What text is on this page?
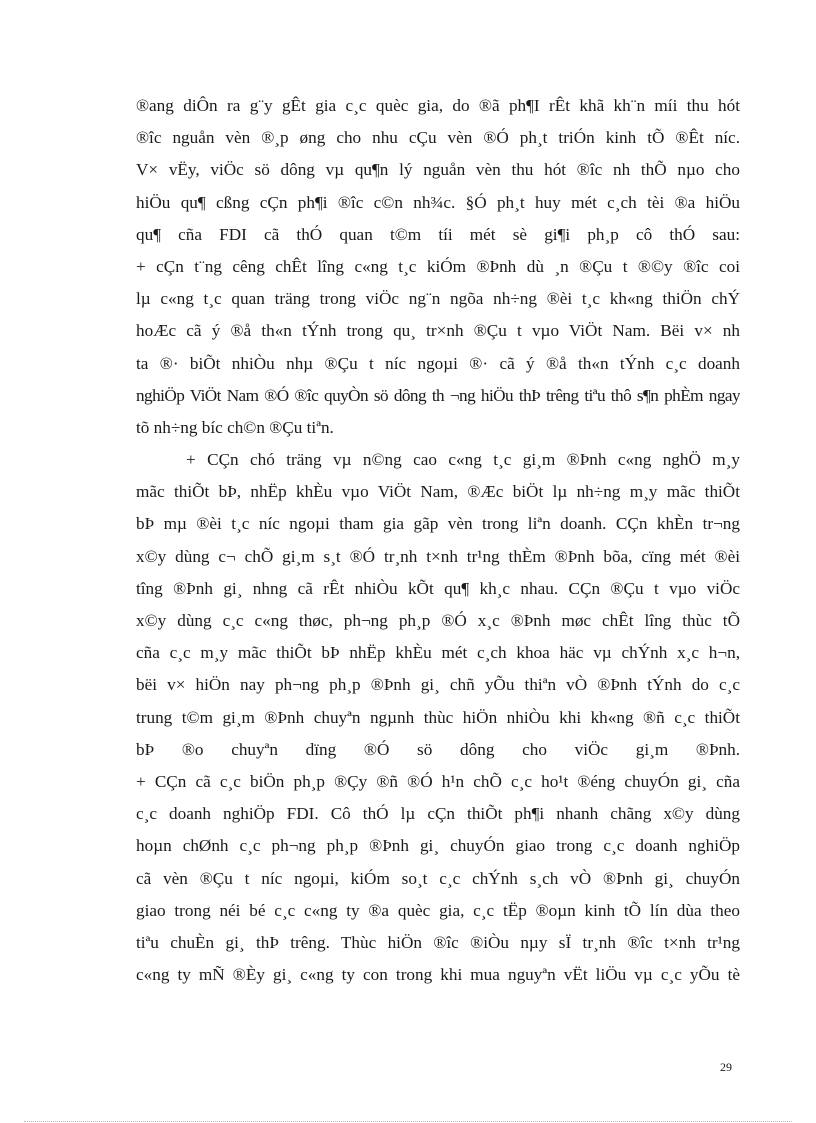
®ang diÔn ra g¨y gÊt gia c¸c quèc gia, do ®ã ph¶I rÊt khã kh¨n míi thu hót
®îc nguån vèn ®¸p øng cho nhu cÇu vèn ®Ó ph¸t triÓn kinh tÕ ®Êt níc.
V× vËy, viÖc sö dông vµ qu¶n lý nguån vèn thu hót ®îc nh thÕ nµo cho
hiÖu qu¶ cßng cÇn ph¶i ®îc c©n nh¾c. §Ó ph¸t huy mét c¸ch tèi ®a hiÖu
qu¶ cña FDI cã thÓ quan t©m tíi mét sè gi¶i ph¸p cô thÓ sau:
+ cÇn t¨ng cêng chÊt lîng c«ng t¸c kiÓm ®Þnh dù ¸n ®Çu t ®©y ®îc coi
lµ c«ng t¸c quan träng trong viÖc ng¨n ngõa nh÷ng ®èi t¸c kh«ng thiÖn chÝ
hoÆc cã ý ®å th«n tÝnh trong qu¸ tr×nh ®Çu t vµo ViÖt Nam. Bëi v× nh
ta ®· biÕt nhiÒu nhµ ®Çu t níc ngoµi ®· cã ý ®å th«n tÝnh c¸c doanh
nghiÖp ViÖt Nam ®Ó ®îc quyÒn sö dông th ¬ng hiÖu thÞ trêng tiªu thô s¶n phÈm ngay
tõ nh÷ng bíc ch©n ®Çu tiªn.
+ CÇn chó träng vµ n©ng cao c«ng t¸c gi¸m ®Þnh c«ng nghÖ m¸y
mãc thiÕt bÞ, nhËp khÈu vµo ViÖt Nam, ®Æc biÖt lµ nh÷ng m¸y mãc thiÕt
bÞ mµ ®èi t¸c níc ngoµi tham gia gãp vèn trong liªn doanh. CÇn khÈn tr¬ng
x©y dùng c¬ chÕ gi¸m s¸t ®Ó tr¸nh t×nh tr¹ng thÈm ®Þnh bõa, cïng mét ®èi
tîng ®Þnh gi¸ nhng cã rÊt nhiÒu kÕt qu¶ kh¸c nhau. CÇn ®Çu t vµo viÖc
x©y dùng c¸c c«ng thøc, ph¬ng ph¸p ®Ó x¸c ®Þnh møc chÊt lîng thùc tÕ
cña c¸c m¸y mãc thiÕt bÞ nhËp khÈu mét c¸ch khoa häc vµ chÝnh x¸c h¬n,
bëi v× hiÖn nay ph¬ng ph¸p ®Þnh gi¸ chñ yÕu thiªn vÒ ®Þnh tÝnh do c¸c
trung t©m gi¸m ®Þnh chuyªn ngµnh thùc hiÖn nhiÒu khi kh«ng ®ñ c¸c thiÕt
bÞ ®o chuyªn dïng ®Ó sö dông cho viÖc gi¸m ®Þnh.
+ CÇn cã c¸c biÖn ph¸p ®Çy ®ñ ®Ó h¹n chÕ c¸c ho¹t ®éng chuyÓn gi¸ cña
c¸c doanh nghiÖp FDI. Cô thÓ lµ cÇn thiÕt ph¶i nhanh chãng x©y dùng
hoµn chØnh c¸c ph¬ng ph¸p ®Þnh gi¸ chuyÓn giao trong c¸c doanh nghiÖp
cã vèn ®Çu t níc ngoµi, kiÓm so¸t c¸c chÝnh s¸ch vÒ ®Þnh gi¸ chuyÓn
giao trong néi bé c¸c c«ng ty ®a quèc gia, c¸c tËp ®oµn kinh tÕ lín dùa theo
tiªu chuÈn gi¸ thÞ trêng. Thùc hiÖn ®îc ®iÒu nµy sÏ tr¸nh ®îc t×nh tr¹ng
c«ng ty mÑ ®Èy gi¸ c«ng ty con trong khi mua nguyªn vËt liÖu vµ c¸c yÕu tè
29
